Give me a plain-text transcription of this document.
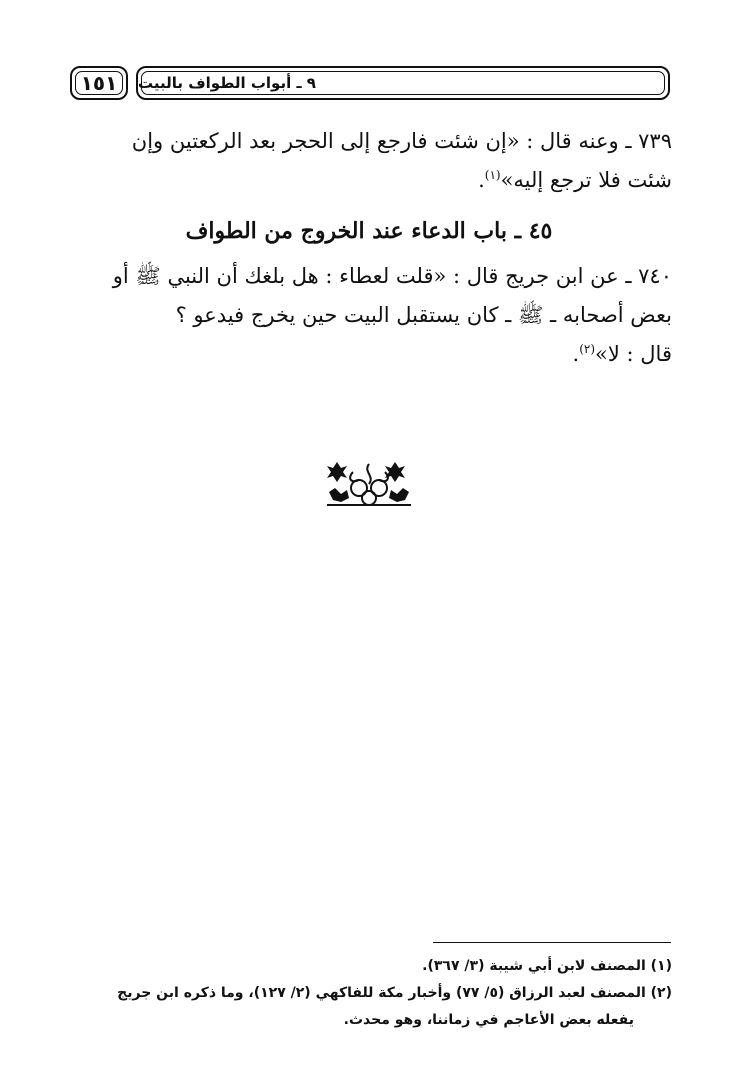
١٥١	٩ ـ أبواب الطواف بالبيت
٧٣٩ ـ وعنه قال : «إن شئت فارجع إلى الحجر بعد الركعتين وإن
شئت فلا ترجع إليه»$^{(١)}$.
٤٥ ـ باب الدعاء عند الخروج من الطواف
٧٤٠ ـ عن ابن جريج قال : «قلت لعطاء : هل بلغك أن النبي ﷺ أو
بعض أصحابه ـ ﷺ ـ كان يستقبل البيت حين يخرج فيدعو ؟
قال : لا»$^{(٢)}$.

(١) المصنف لابن أبي شيبة (٣/ ٣٦٧).

(٢) المصنف لعبد الرزاق (٥/ ٧٧) وأخبار مكة للفاكهي (٢/ ١٢٧)، وما ذكره ابن جريج

يفعله بعض الأعاجم في زماننا، وهو محدث.
